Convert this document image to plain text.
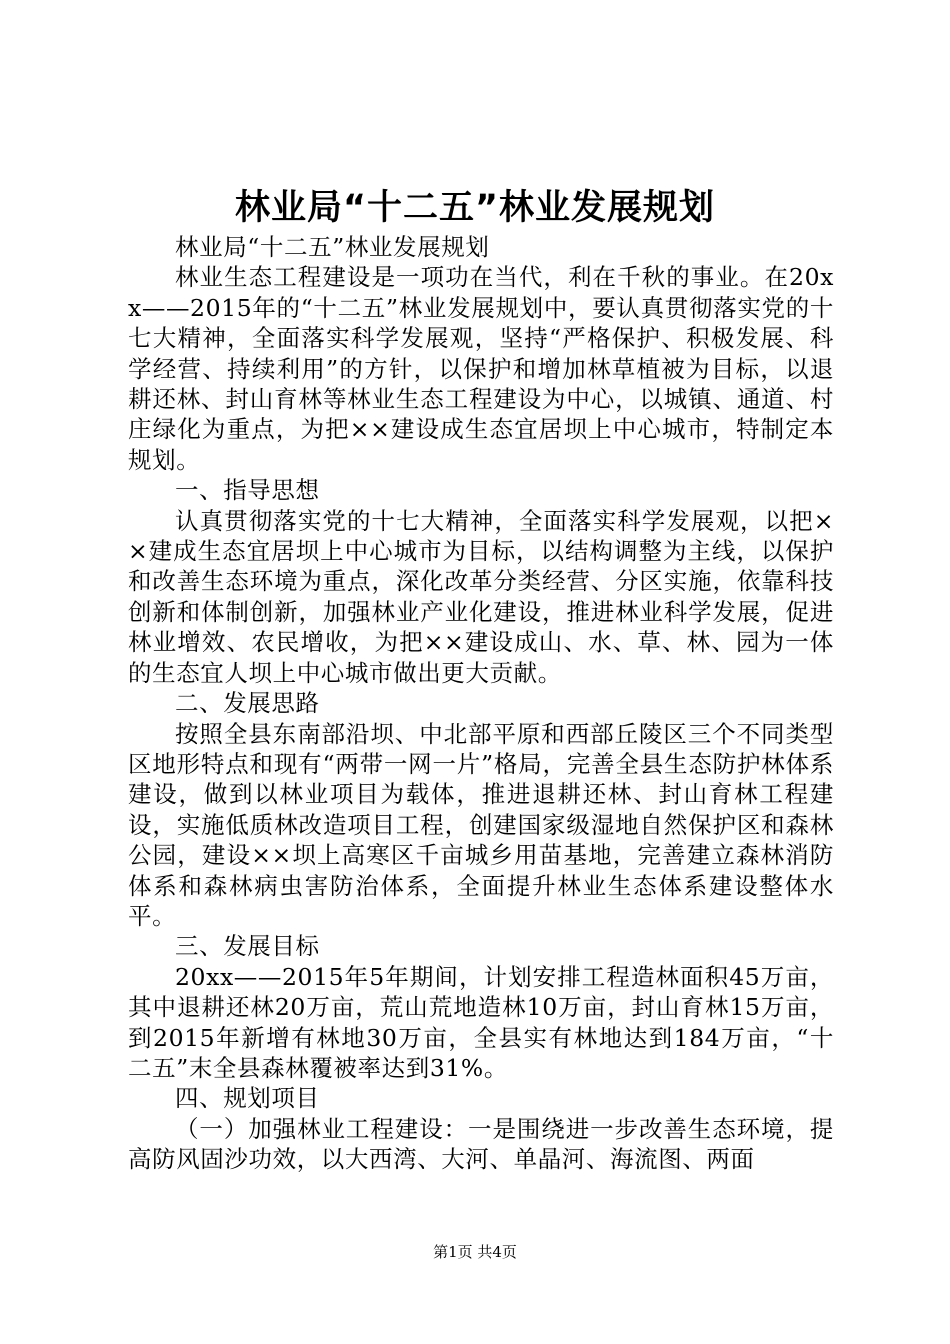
林业局“十二五”林业发展规划

林业局“十二五”林业发展规划

林业生态工程建设是一项功在当代，利在千秋的事业。在20xx——2015年的“十二五”林业发展规划中，要认真贯彻落实党的十七大精神，全面落实科学发展观，坚持“严格保护、积极发展、科学经营、持续利用”的方针，以保护和增加林草植被为目标，以退耕还林、封山育林等林业生态工程建设为中心，以城镇、通道、村庄绿化为重点，为把××建设成生态宜居坝上中心城市，特制定本规划。

一、指导思想

认真贯彻落实党的十七大精神，全面落实科学发展观，以把××建成生态宜居坝上中心城市为目标，以结构调整为主线，以保护和改善生态环境为重点，深化改革分类经营、分区实施，依靠科技创新和体制创新，加强林业产业化建设，推进林业科学发展，促进林业增效、农民增收，为把××建设成山、水、草、林、园为一体的生态宜人坝上中心城市做出更大贡献。

二、发展思路

按照全县东南部沿坝、中北部平原和西部丘陵区三个不同类型区地形特点和现有“两带一网一片”格局，完善全县生态防护林体系建设，做到以林业项目为载体，推进退耕还林、封山育林工程建设，实施低质林改造项目工程，创建国家级湿地自然保护区和森林公园，建设××坝上高寒区千亩城乡用苗基地，完善建立森林消防体系和森林病虫害防治体系，全面提升林业生态体系建设整体水平。

三、发展目标

20xx——2015年5年期间，计划安排工程造林面积45万亩，其中退耕还林20万亩，荒山荒地造林10万亩，封山育林15万亩，到2015年新增有林地30万亩，全县实有林地达到184万亩，“十二五”末全县森林覆被率达到31%。

四、规划项目

（一）加强林业工程建设：一是围绕进一步改善生态环境，提高防风固沙功效，以大西湾、大河、单晶河、海流图、两面

第1页 共4页
